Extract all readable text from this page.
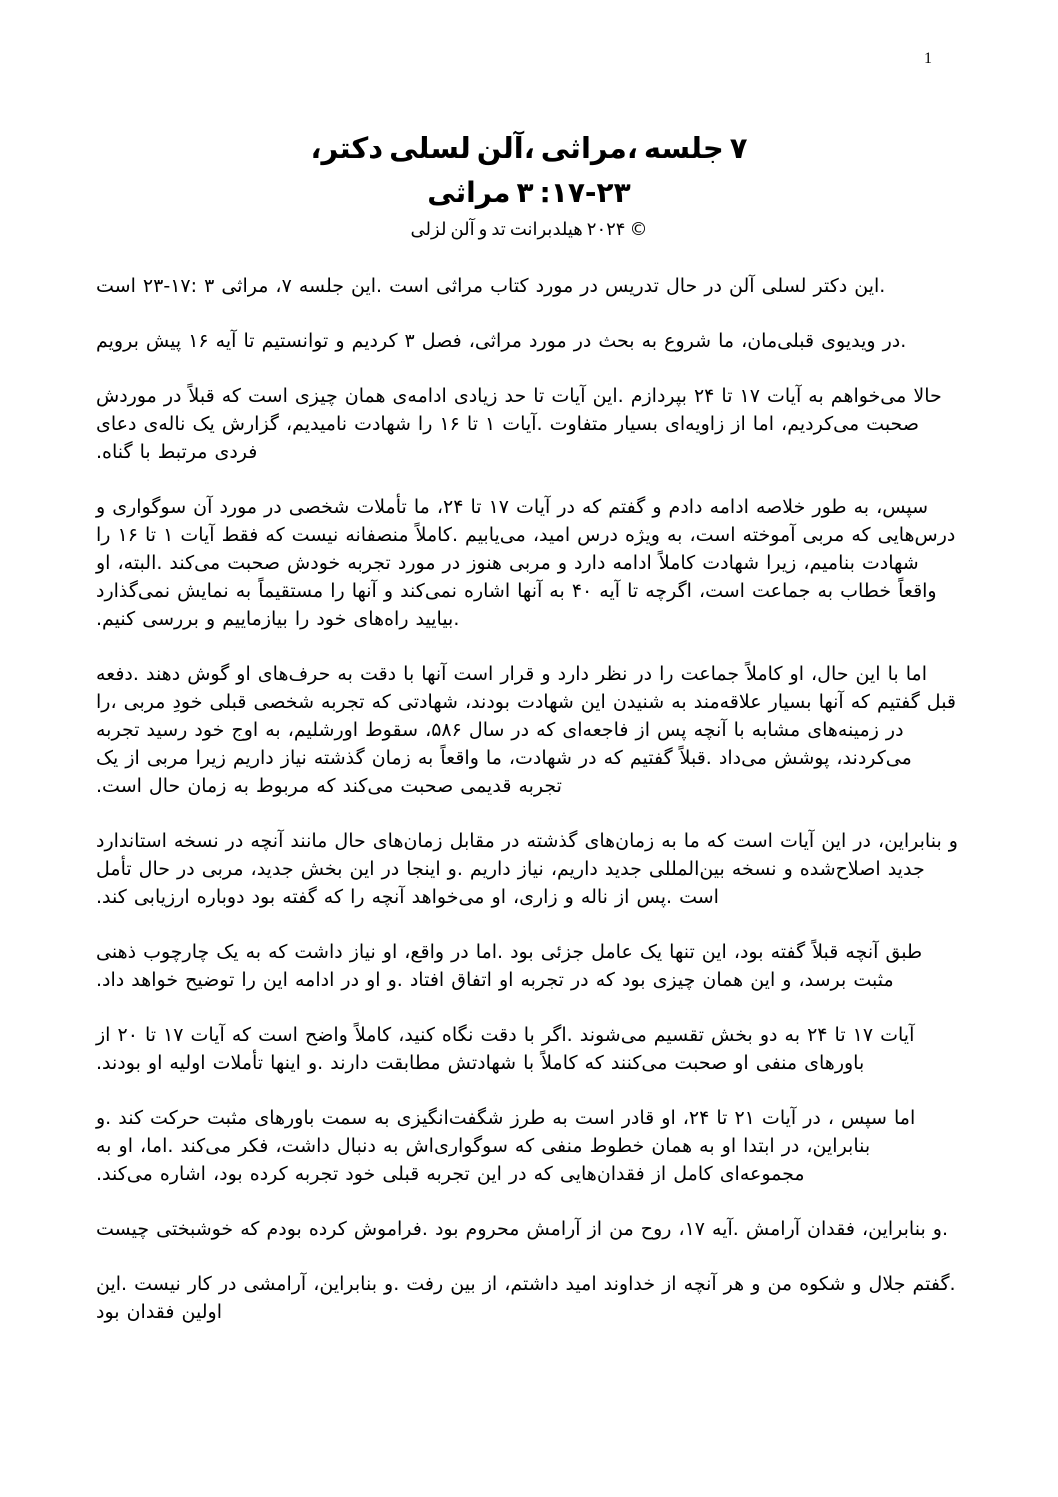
1
،دکتر لسلی آلن، مراثی، جلسه ۷
مراثی ۳ :۱۷-۲۳
لزلی آلن و تد هیلدبرانت ۲۰۲۴ ©

.این دکتر لسلی آلن در حال تدریس در مورد کتاب مراثی است .این جلسه ۷، مراثی ۳ :۱۷-۲۳ است

.در ویدیوی قبلی‌مان، ما شروع به بحث در مورد مراثی، فصل ۳ کردیم و توانستیم تا آیه ۱۶ پیش برویم

حالا می‌خواهم به آیات ۱۷ تا ۲۴ بپردازم .این آیات تا حد زیادی ادامه‌ی همان چیزی است که قبلاً در موردش صحبت می‌کردیم، اما از زاویه‌ای بسیار متفاوت .آیات ۱ تا ۱۶ را شهادت نامیدیم، گزارش یک ناله‌ی دعای فردی مرتبط با گناه.

سپس، به طور خلاصه ادامه دادم و گفتم که در آیات ۱۷ تا ۲۴، ما تأملات شخصی در مورد آن سوگواری و درس‌هایی که مربی آموخته است، به ویژه درس امید، می‌یابیم .کاملاً منصفانه نیست که فقط آیات ۱ تا ۱۶ را شهادت بنامیم، زیرا شهادت کاملاً ادامه دارد و مربی هنوز در مورد تجربه خودش صحبت می‌کند .البته، او واقعاً خطاب به جماعت است، اگرچه تا آیه ۴۰ به آنها اشاره نمی‌کند و آنها را مستقیماً به نمایش نمی‌گذارد .بیایید راه‌های خود را بیازماییم و بررسی کنیم.

اما با این حال، او کاملاً جماعت را در نظر دارد و قرار است آنها با دقت به حرف‌های او گوش دهند .دفعه قبل گفتیم که آنها بسیار علاقه‌مند به شنیدن این شهادت بودند، شهادتی که تجربه شخصی قبلی خودِ مربی ،را در زمینه‌های مشابه با آنچه پس از فاجعه‌ای که در سال ۵۸۶، سقوط اورشلیم، به اوج خود رسید تجربه می‌کردند، پوشش می‌داد .قبلاً گفتیم که در شهادت، ما واقعاً به زمان گذشته نیاز داریم زیرا مربی از یک تجربه قدیمی صحبت می‌کند که مربوط به زمان حال است.

و بنابراین، در این آیات است که ما به زمان‌های گذشته در مقابل زمان‌های حال مانند آنچه در نسخه استاندارد جدید اصلاح‌شده و نسخه بین‌المللی جدید داریم، نیاز داریم .و اینجا در این بخش جدید، مربی در حال تأمل است .پس از ناله و زاری، او می‌خواهد آنچه را که گفته بود دوباره ارزیابی کند.

طبق آنچه قبلاً گفته بود، این تنها یک عامل جزئی بود .اما در واقع، او نیاز داشت که به یک چارچوب ذهنی مثبت برسد، و این همان چیزی بود که در تجربه او اتفاق افتاد .و او در ادامه این را توضیح خواهد داد.

آیات ۱۷ تا ۲۴ به دو بخش تقسیم می‌شوند .اگر با دقت نگاه کنید، کاملاً واضح است که آیات ۱۷ تا ۲۰ از باورهای منفی او صحبت می‌کنند که کاملاً با شهادتش مطابقت دارند .و اینها تأملات اولیه او بودند.

اما سپس ، در آیات ۲۱ تا ۲۴، او قادر است به طرز شگفت‌انگیزی به سمت باورهای مثبت حرکت کند .و بنابراین، در ابتدا او به همان خطوط منفی که سوگواری‌اش به دنبال داشت، فکر می‌کند .اما، او به مجموعه‌ای کامل از فقدان‌هایی که در این تجربه قبلی خود تجربه کرده بود، اشاره می‌کند.

.و بنابراین، فقدان آرامش .آیه ۱۷، روح من از آرامش محروم بود .فراموش کرده بودم که خوشبختی چیست

.گفتم جلال و شکوه من و هر آنچه از خداوند امید داشتم، از بین رفت .و بنابراین، آرامشی در کار نیست .این اولین فقدان بود
